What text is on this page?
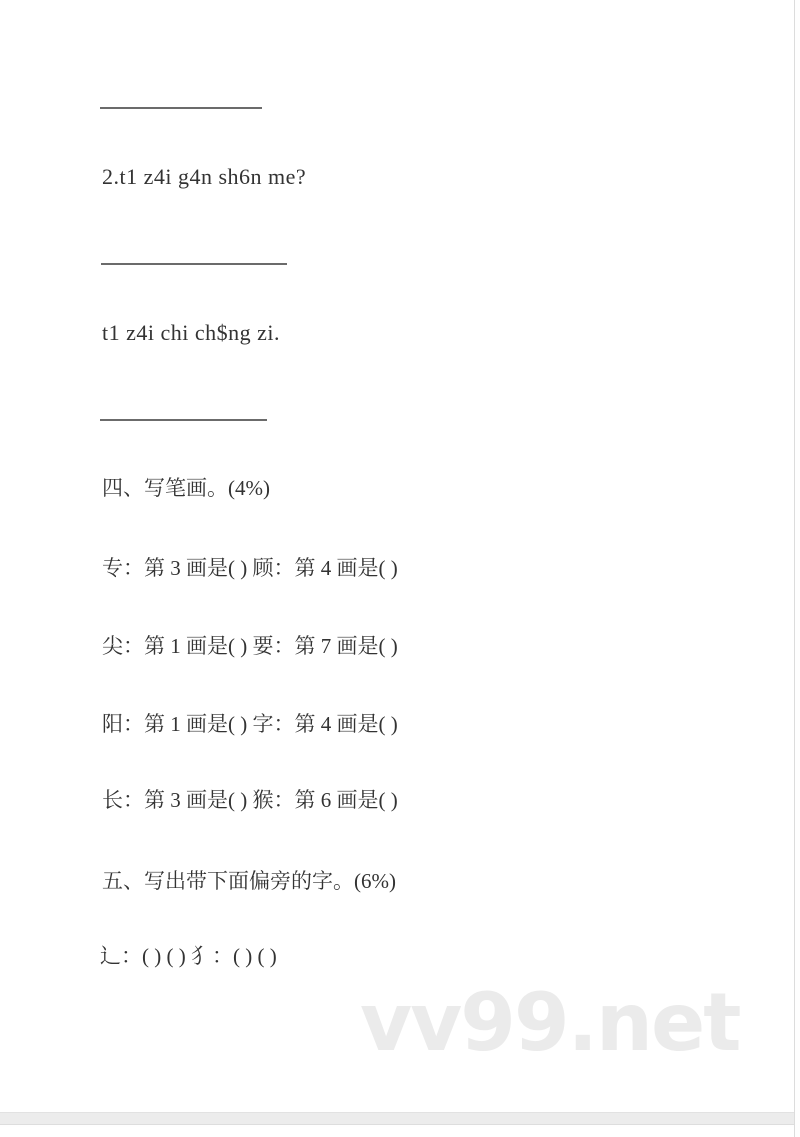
2.t1 z4i g4n sh6n me?
t1 z4i chi ch$ng zi.
四、写笔画。(4%)
专：第 3 画是( ) 顾：第 4 画是( )
尖：第 1 画是( ) 要：第 7 画是( )
阳：第 1 画是( ) 字：第 4 画是( )
长：第 3 画是( ) 猴：第 6 画是( )
五、写出带下面偏旁的字。(6%)
辶：( ) ( ) 犭：( ) ( )
vv99.net
